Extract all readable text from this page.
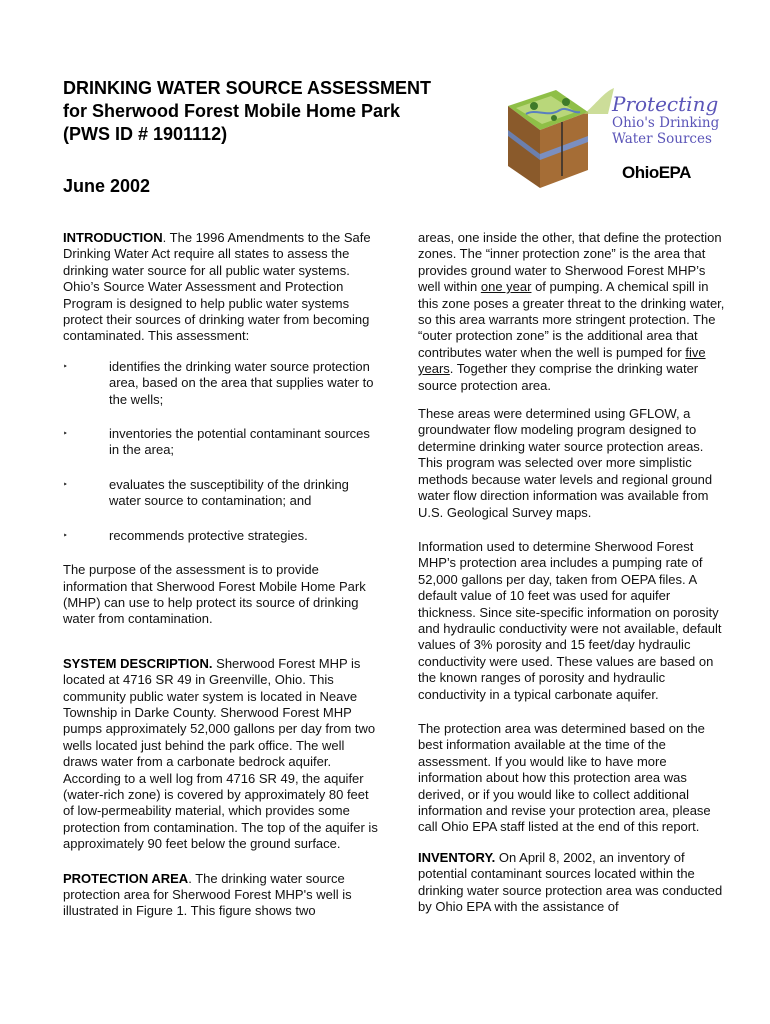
DRINKING WATER SOURCE ASSESSMENT
for Sherwood Forest Mobile Home Park
(PWS ID # 1901112)
June 2002
Protecting
Ohio's Drinking
Water Sources
OhioEPA

INTRODUCTION. The 1996 Amendments to the Safe Drinking Water Act require all states to assess the drinking water source for all public water systems. Ohio’s Source Water Assessment and Protection Program is designed to help public water systems protect their sources of drinking water from becoming contaminated. This assessment:

‣	identifies the drinking water source protection area, based on the area that supplies water to the wells;
‣	inventories the potential contaminant sources in the area;
‣	evaluates the susceptibility of the drinking water source to contamination; and
‣	recommends protective strategies.

The purpose of the assessment is to provide information that Sherwood Forest Mobile Home Park (MHP) can use to help protect its source of drinking water from contamination.

SYSTEM DESCRIPTION. Sherwood Forest MHP is located at 4716 SR 49 in Greenville, Ohio. This community public water system is located in Neave Township in Darke County. Sherwood Forest MHP pumps approximately 52,000 gallons per day from two wells located just behind the park office. The well draws water from a carbonate bedrock aquifer. According to a well log from 4716 SR 49, the aquifer (water-rich zone) is covered by approximately 80 feet of low-permeability material, which provides some protection from contamination. The top of the aquifer is approximately 90 feet below the ground surface.

PROTECTION AREA. The drinking water source protection area for Sherwood Forest MHP's well is illustrated in Figure 1. This figure shows two

areas, one inside the other, that define the protection zones. The “inner protection zone” is the area that provides ground water to Sherwood Forest MHP’s well within one year of pumping. A chemical spill in this zone poses a greater threat to the drinking water, so this area warrants more stringent protection. The “outer protection zone” is the additional area that contributes water when the well is pumped for five years. Together they comprise the drinking water source protection area.

These areas were determined using GFLOW, a groundwater flow modeling program designed to determine drinking water source protection areas. This program was selected over more simplistic methods because water levels and regional ground water flow direction information was available from U.S. Geological Survey maps.

Information used to determine Sherwood Forest MHP’s protection area includes a pumping rate of 52,000 gallons per day, taken from OEPA files. A default value of 10 feet was used for aquifer thickness. Since site-specific information on porosity and hydraulic conductivity were not available, default values of 3% porosity and 15 feet/day hydraulic conductivity were used. These values are based on the known ranges of porosity and hydraulic conductivity in a typical carbonate aquifer.

The protection area was determined based on the best information available at the time of the assessment. If you would like to have more information about how this protection area was derived, or if you would like to collect additional information and revise your protection area, please call Ohio EPA staff listed at the end of this report.

INVENTORY. On April 8, 2002, an inventory of potential contaminant sources located within the drinking water source protection area was conducted by Ohio EPA with the assistance of
